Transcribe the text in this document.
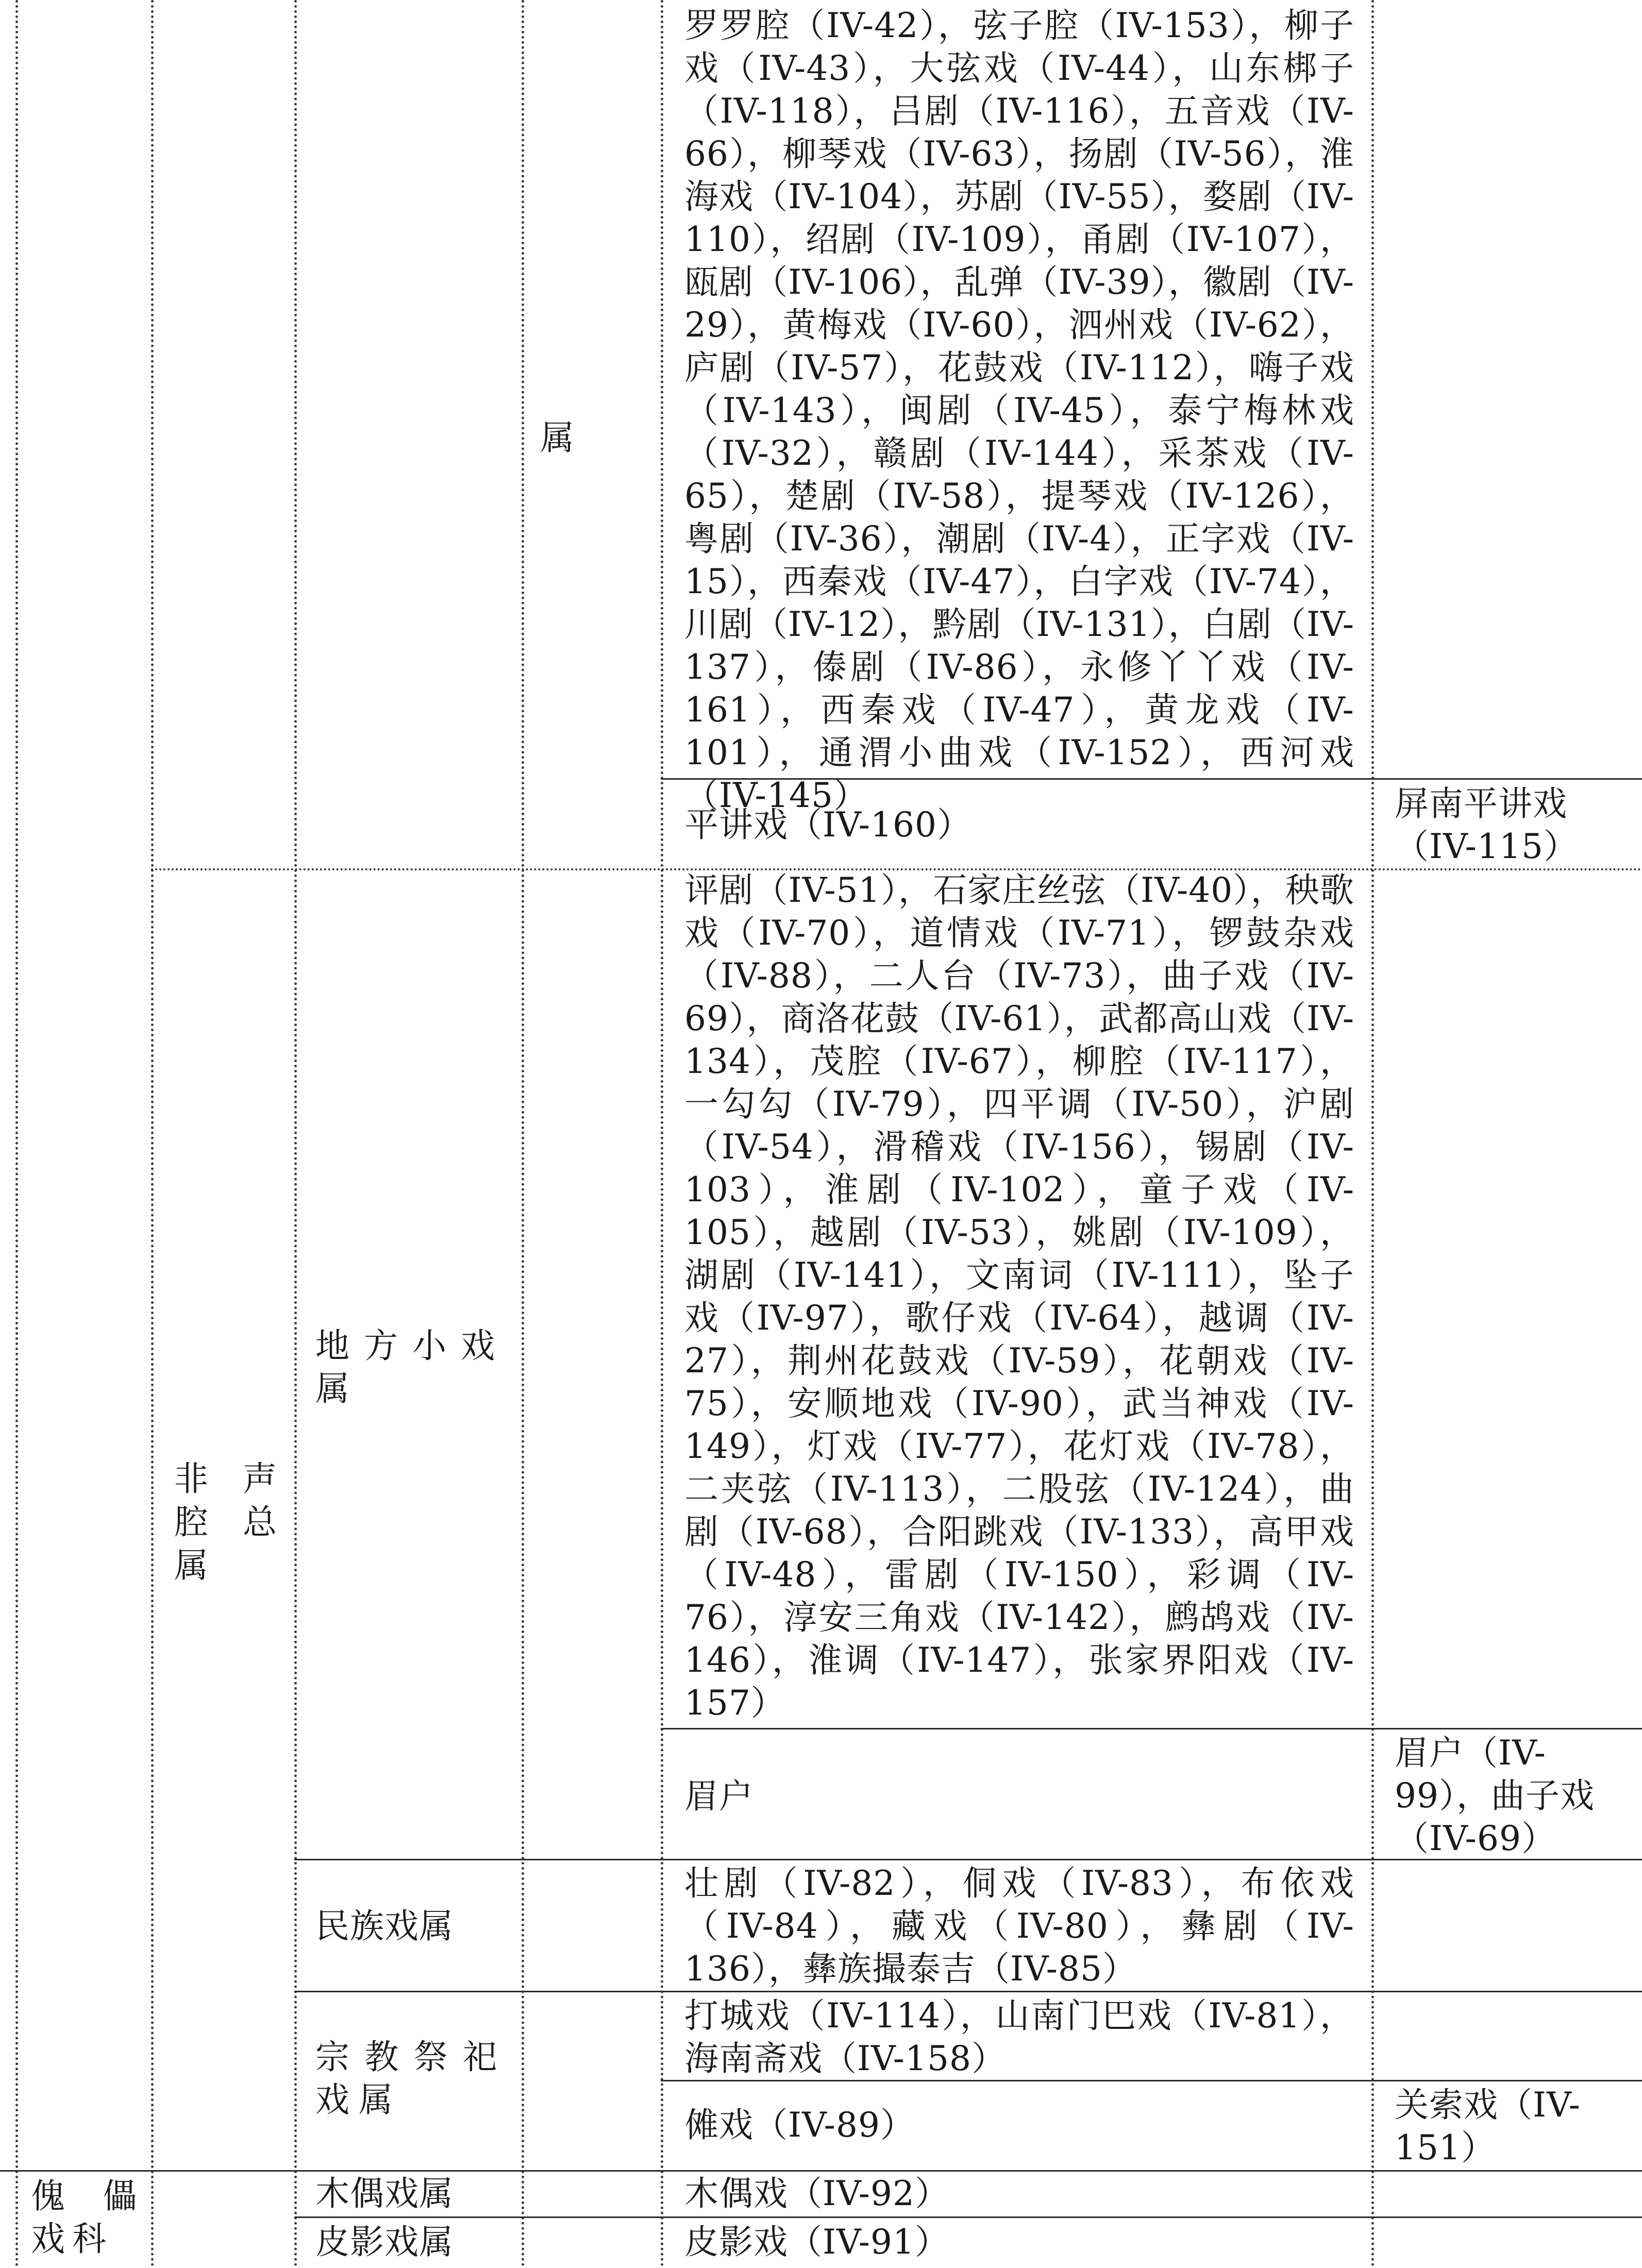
属
罗罗腔（IV-42），弦子腔（IV-153），柳子戏（IV-43），大弦戏（IV-44），山东梆子（IV-118），吕剧（IV-116），五音戏（IV-66），柳琴戏（IV-63），扬剧（IV-56），淮海戏（IV-104），苏剧（IV-55），婺剧（IV-110），绍剧（IV-109），甬剧（IV-107），瓯剧（IV-106），乱弹（IV-39），徽剧（IV-29），黄梅戏（IV-60），泗州戏（IV-62），庐剧（IV-57），花鼓戏（IV-112），嗨子戏（IV-143），闽剧（IV-45），泰宁梅林戏（IV-32），赣剧（IV-144），采茶戏（IV-65），楚剧（IV-58），提琴戏（IV-126），粤剧（IV-36），潮剧（IV-4），正字戏（IV-15），西秦戏（IV-47），白字戏（IV-74），川剧（IV-12），黔剧（IV-131），白剧（IV-137），傣剧（IV-86），永修丫丫戏（IV-161），西秦戏（IV-47），黄龙戏（IV-101），通渭小曲戏（IV-152），西河戏（IV-145）
平讲戏（IV-160）
屏南平讲戏（IV-115）
非声腔总属
地方小戏属
评剧（IV-51），石家庄丝弦（IV-40），秧歌戏（IV-70），道情戏（IV-71），锣鼓杂戏（IV-88），二人台（IV-73），曲子戏（IV-69），商洛花鼓（IV-61），武都高山戏（IV-134），茂腔（IV-67），柳腔（IV-117），一勾勾（IV-79），四平调（IV-50），沪剧（IV-54），滑稽戏（IV-156），锡剧（IV-103），淮剧（IV-102），童子戏（IV-105），越剧（IV-53），姚剧（IV-109），湖剧（IV-141），文南词（IV-111），坠子戏（IV-97），歌仔戏（IV-64），越调（IV-27），荆州花鼓戏（IV-59），花朝戏（IV-75），安顺地戏（IV-90），武当神戏（IV-149），灯戏（IV-77），花灯戏（IV-78），二夹弦（IV-113），二股弦（IV-124），曲剧（IV-68），合阳跳戏（IV-133），高甲戏（IV-48），雷剧（IV-150），彩调（IV-76），淳安三角戏（IV-142），鹧鸪戏（IV-146），淮调（IV-147），张家界阳戏（IV-157）
眉户
眉户（IV-99），曲子戏（IV-69）
民族戏属
壮剧（IV-82），侗戏（IV-83），布依戏（IV-84），藏戏（IV-80），彝剧（IV-136），彝族撮泰吉（IV-85）
宗教祭祀戏属
打城戏（IV-114），山南门巴戏（IV-81），海南斋戏（IV-158）
傩戏（IV-89）
关索戏（IV-151）
傀儡戏科
木偶戏属	木偶戏（IV-92）
皮影戏属	皮影戏（IV-91）
